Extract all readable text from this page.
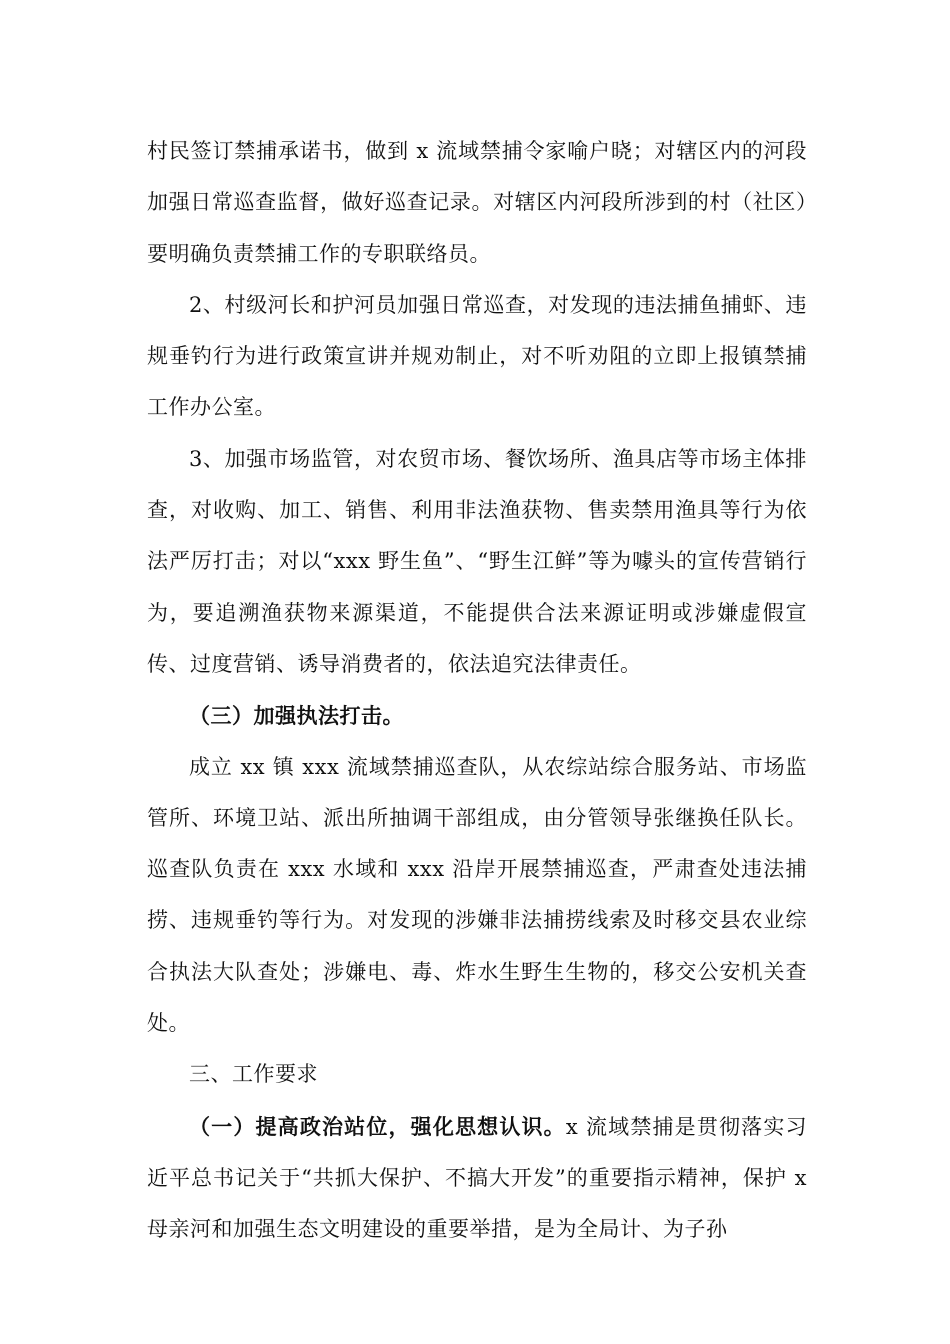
村民签订禁捕承诺书，做到 x 流域禁捕令家喻户晓；对辖区内的河段加强日常巡查监督，做好巡查记录。对辖区内河段所涉到的村（社区）要明确负责禁捕工作的专职联络员。

2、村级河长和护河员加强日常巡查，对发现的违法捕鱼捕虾、违规垂钓行为进行政策宣讲并规劝制止，对不听劝阻的立即上报镇禁捕工作办公室。

3、加强市场监管，对农贸市场、餐饮场所、渔具店等市场主体排查，对收购、加工、销售、利用非法渔获物、售卖禁用渔具等行为依法严厉打击；对以“xxx 野生鱼”、“野生江鲜”等为噱头的宣传营销行为，要追溯渔获物来源渠道，不能提供合法来源证明或涉嫌虚假宣传、过度营销、诱导消费者的，依法追究法律责任。

（三）加强执法打击。

成立 xx 镇 xxx 流域禁捕巡查队，从农综站综合服务站、市场监管所、环境卫站、派出所抽调干部组成，由分管领导张继换任队长。巡查队负责在 xxx 水域和 xxx 沿岸开展禁捕巡查，严肃查处违法捕捞、违规垂钓等行为。对发现的涉嫌非法捕捞线索及时移交县农业综合执法大队查处；涉嫌电、毒、炸水生野生生物的，移交公安机关查处。

三、工作要求

（一）提高政治站位，强化思想认识。x 流域禁捕是贯彻落实习近平总书记关于“共抓大保护、不搞大开发”的重要指示精神，保护 x 母亲河和加强生态文明建设的重要举措，是为全局计、为子孙
